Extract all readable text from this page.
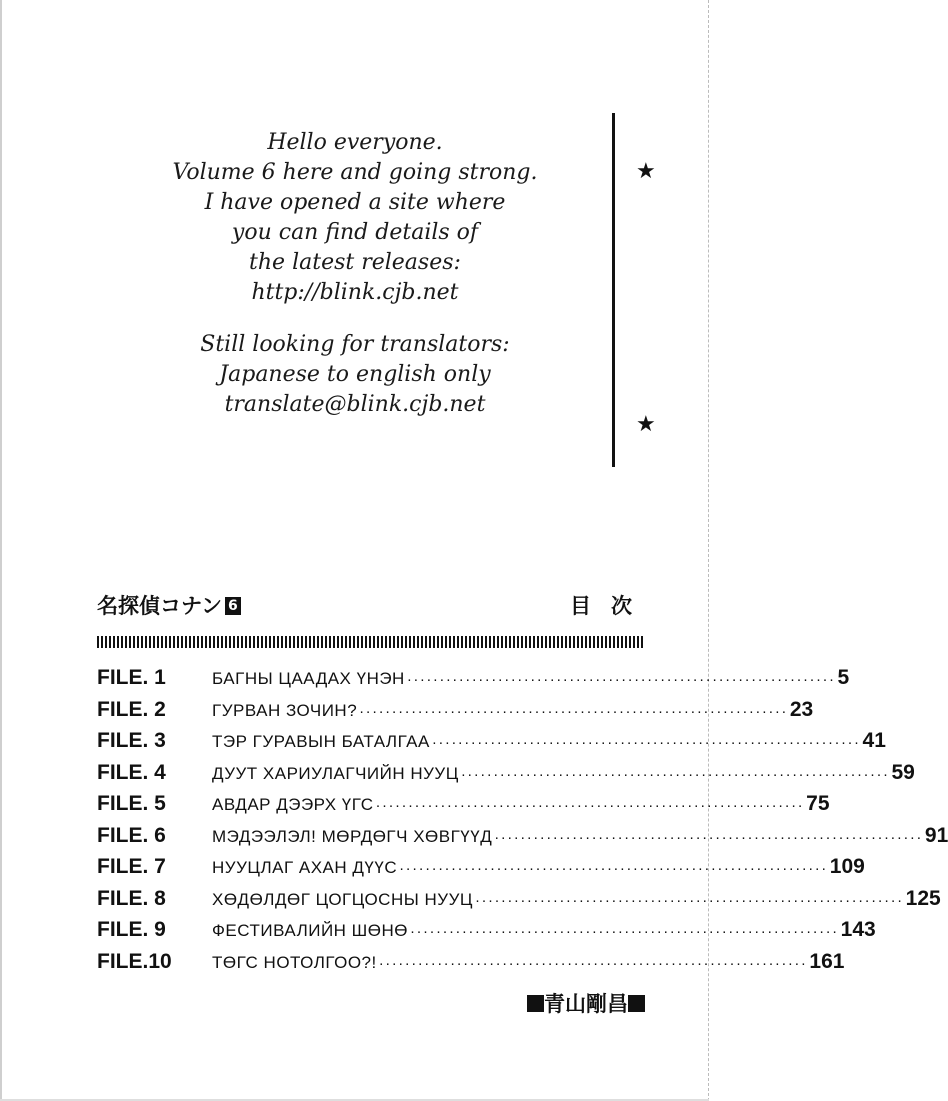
Hello everyone.
Volume 6 here and going strong.
I have opened a site where
you can find details of
the latest releases:
http://blink.cjb.net
Still looking for translators:
Japanese to english only
translate@blink.cjb.net
★
★
名探偵コナン 6	目次
FILE. 1	БАГНЫ ЦААДАХ ҮНЭН ·································································· 5
FILE. 2	ГУРВАН ЗОЧИН? ·································································· 23
FILE. 3	ТЭР ГУРАВЫН БАТАЛГАА ·································································· 41
FILE. 4	ДУУТ ХАРИУЛАГЧИЙН НУУЦ ·································································· 59
FILE. 5	АВДАР ДЭЭРХ ҮГС ·································································· 75
FILE. 6	МЭДЭЭЛЭЛ! МӨРДӨГЧ ХӨВГҮҮД ·································································· 91
FILE. 7	НУУЦЛАГ АХАН ДҮҮС ·································································· 109
FILE. 8	ХӨДӨЛДӨГ ЦОГЦОСНЫ НУУЦ ·································································· 125
FILE. 9	ФЕСТИВАЛИЙН ШӨНӨ ·································································· 143
FILE.10	ТӨГС НОТОЛГОО?! ·································································· 161
青山剛昌
